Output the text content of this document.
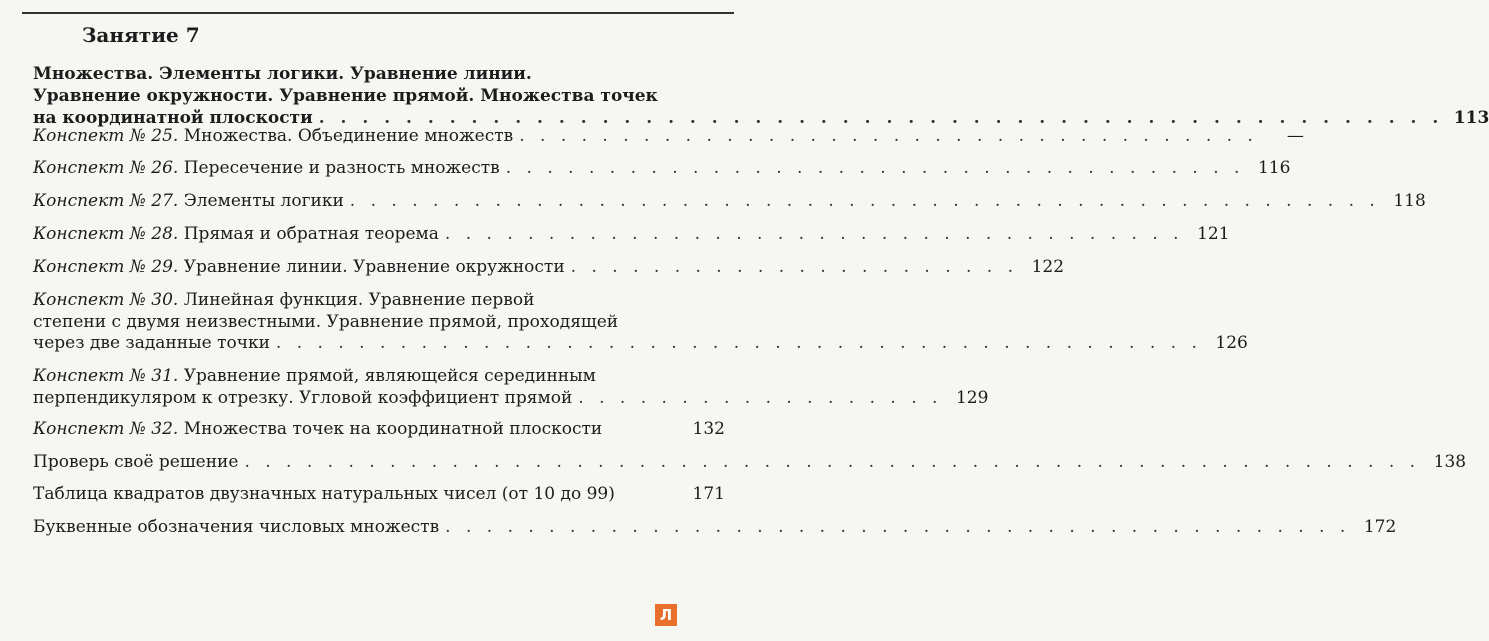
Занятие 7
Множества. Элементы логики. Уравнение линии.
Уравнение окружности. Уравнение прямой. Множества точек
на координатной плоскости . . . . . . . . . . . . . . . . . . . . . . . . . . . . . . . . . . . . . . . . . . . . . . . . . . . . 113
Конспект № 25. Множества. Объединение множеств . . . . . . . . . . . . . . . . . . . . . . . . . . . . . . . . . . . .	—
Конспект № 26. Пересечение и разность множеств . . . . . . . . . . . . . . . . . . . . . . . . . . . . . . . . . . . . 116
Конспект № 27. Элементы логики . . . . . . . . . . . . . . . . . . . . . . . . . . . . . . . . . . . . . . . . . . . . . . . . . . 118
Конспект № 28. Прямая и обратная теорема . . . . . . . . . . . . . . . . . . . . . . . . . . . . . . . . . . . . 121
Конспект № 29. Уравнение линии. Уравнение окружности . . . . . . . . . . . . . . . . . . . . . . 122
Конспект № 30. Линейная функция. Уравнение первой
степени с двумя неизвестными. Уравнение прямой, проходящей
через две заданные точки . . . . . . . . . . . . . . . . . . . . . . . . . . . . . . . . . . . . . . . . . . . . . 126
Конспект № 31. Уравнение прямой, являющейся серединным
перпендикуляром к отрезку. Угловой коэффициент прямой . . . . . . . . . . . . . . . . . . 129
Конспект № 32. Множества точек на координатной плоскости	132
Проверь своё решение . . . . . . . . . . . . . . . . . . . . . . . . . . . . . . . . . . . . . . . . . . . . . . . . . . . . . . . . . 138
Таблица квадратов двузначных натуральных чисел (от 10 до 99)	171
Буквенные обозначения числовых множеств . . . . . . . . . . . . . . . . . . . . . . . . . . . . . . . . . . . . . . . . . . . . 172
Л
